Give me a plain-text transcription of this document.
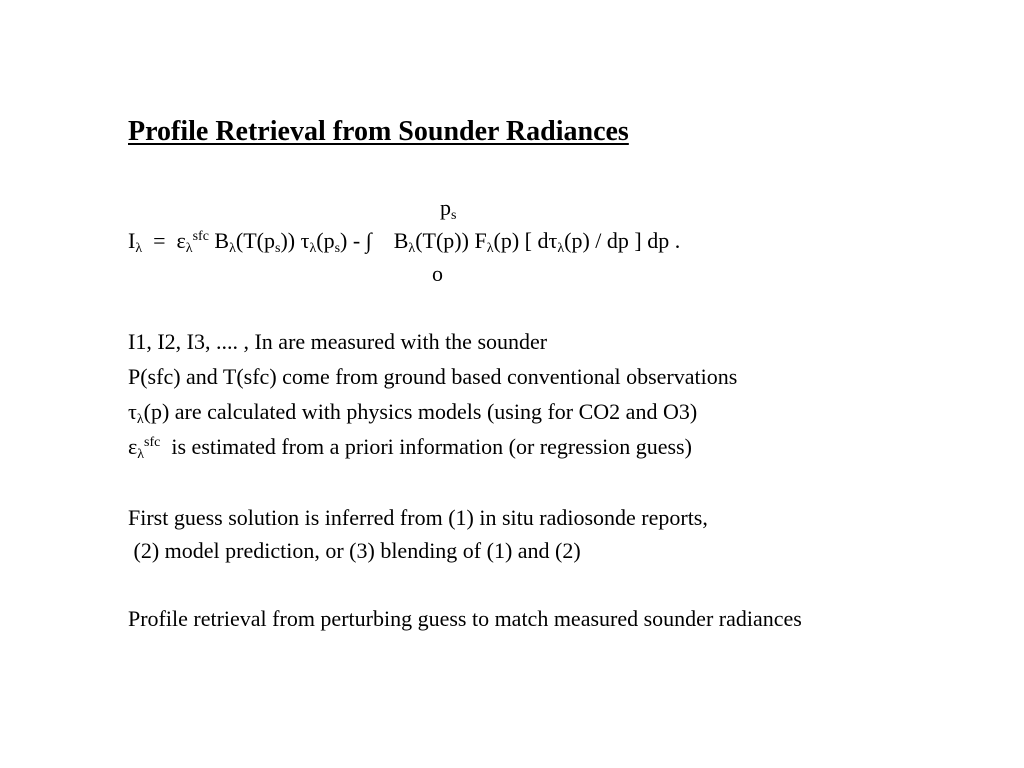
Profile Retrieval from Sounder Radiances
$p_s$
o
$I_\lambda = \varepsilon_\lambda^{sfc}$ $B_\lambda(T(p_s))$ $\tau_\lambda(p_s)$ - ∫ $B_\lambda(T(p))$ $F_\lambda(p)$ [ $d\tau_\lambda(p)$ / dp ] dp .
I1, I2, I3, .... , In are measured with the sounder
P(sfc) and T(sfc) come from ground based conventional observations
$\tau_\lambda(p)$ are calculated with physics models (using for CO2 and O3)
$\varepsilon_\lambda^{sfc}$ is estimated from a priori information (or regression guess)
First guess solution is inferred from (1) in situ radiosonde reports,
(2) model prediction, or (3) blending of (1) and (2)
Profile retrieval from perturbing guess to match measured sounder radiances
